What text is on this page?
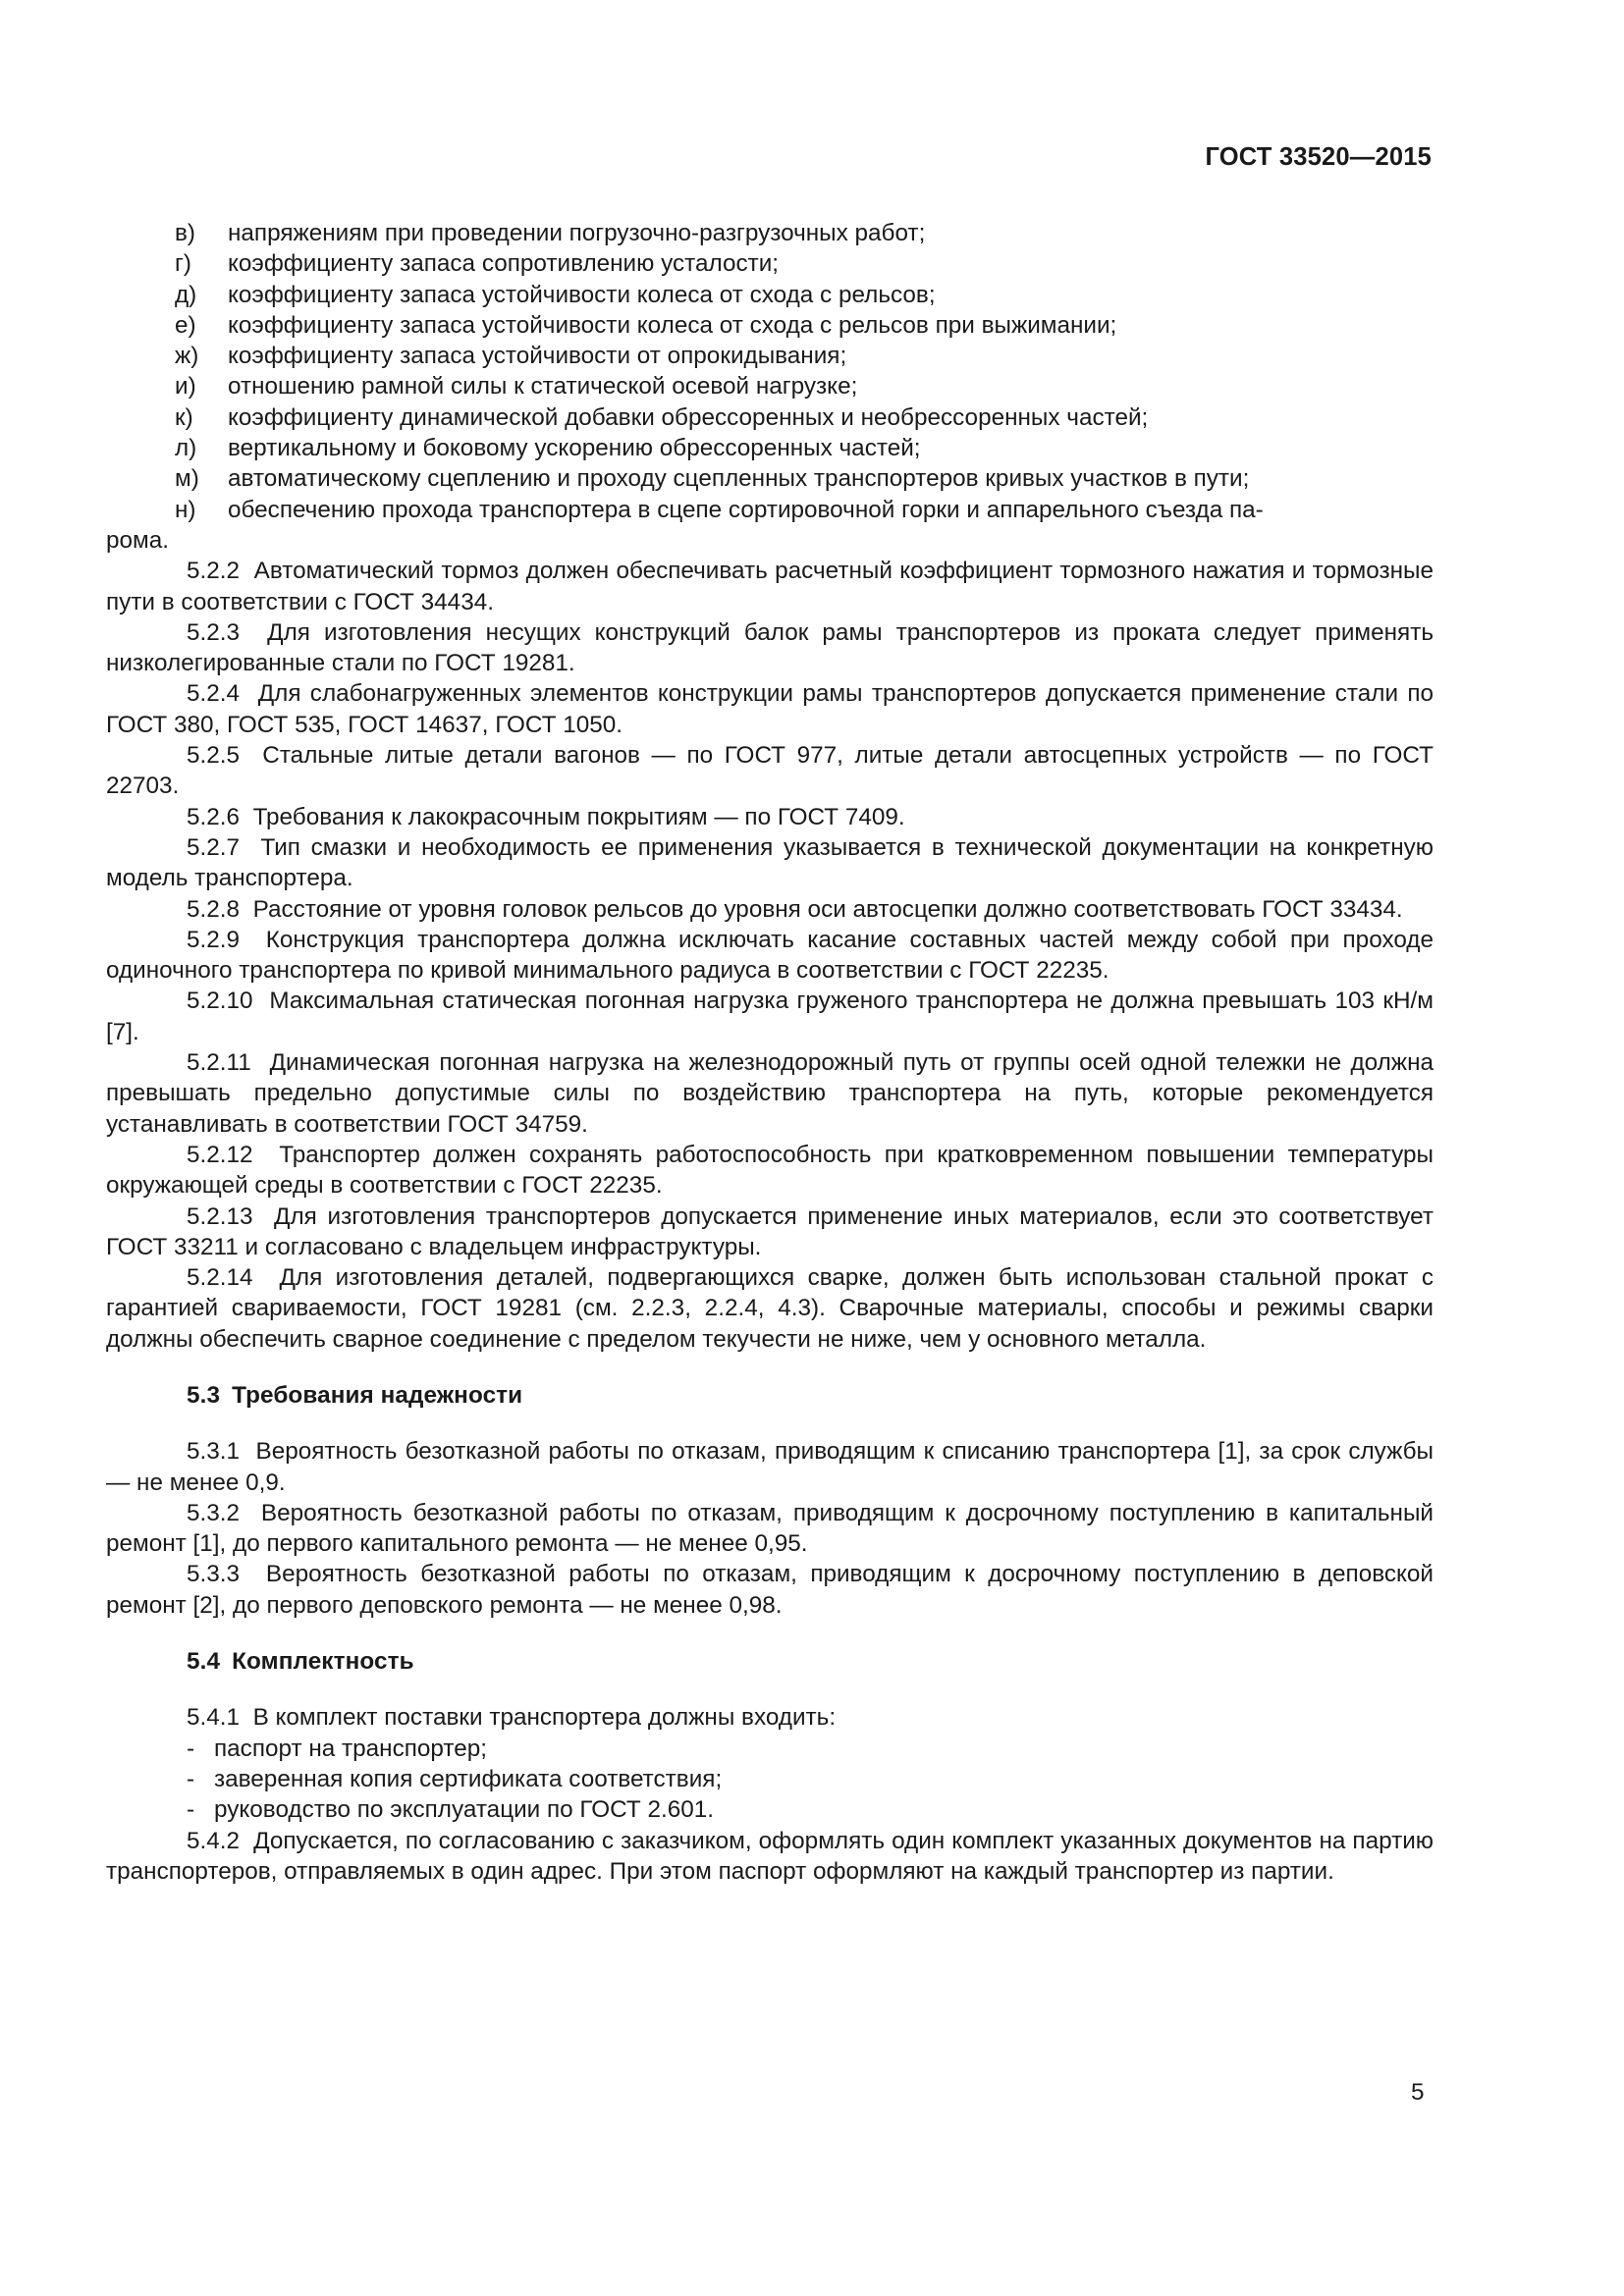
ГОСТ 33520—2015
в)	напряжениям при проведении погрузочно-разгрузочных работ;
г)	коэффициенту запаса сопротивлению усталости;
д)	коэффициенту запаса устойчивости колеса от схода с рельсов;
е)	коэффициенту запаса устойчивости колеса от схода с рельсов при выжимании;
ж)	коэффициенту запаса устойчивости от опрокидывания;
и)	отношению рамной силы к статической осевой нагрузке;
к)	коэффициенту динамической добавки обрессоренных и необрессоренных частей;
л)	вертикальному и боковому ускорению обрессоренных частей;
м)	автоматическому сцеплению и проходу сцепленных транспортеров кривых участков в пути;
н)	обеспечению прохода транспортера в сцепе сортировочной горки и аппарельного съезда па-

рома.

5.2.2 Автоматический тормоз должен обеспечивать расчетный коэффициент тормозного нажатия и тормозные пути в соответствии с ГОСТ 34434.

5.2.3 Для изготовления несущих конструкций балок рамы транспортеров из проката следует применять низколегированные стали по ГОСТ 19281.

5.2.4 Для слабонагруженных элементов конструкции рамы транспортеров допускается применение стали по ГОСТ 380, ГОСТ 535, ГОСТ 14637, ГОСТ 1050.

5.2.5 Стальные литые детали вагонов — по ГОСТ 977, литые детали автосцепных устройств — по ГОСТ 22703.

5.2.6 Требования к лакокрасочным покрытиям — по ГОСТ 7409.

5.2.7 Тип смазки и необходимость ее применения указывается в технической документации на конкретную модель транспортера.

5.2.8 Расстояние от уровня головок рельсов до уровня оси автосцепки должно соответствовать ГОСТ 33434.

5.2.9 Конструкция транспортера должна исключать касание составных частей между собой при проходе одиночного транспортера по кривой минимального радиуса в соответствии с ГОСТ 22235.

5.2.10 Максимальная статическая погонная нагрузка груженого транспортера не должна превышать 103 кН/м [7].

5.2.11 Динамическая погонная нагрузка на железнодорожный путь от группы осей одной тележки не должна превышать предельно допустимые силы по воздействию транспортера на путь, которые рекомендуется устанавливать в соответствии ГОСТ 34759.

5.2.12 Транспортер должен сохранять работоспособность при кратковременном повышении температуры окружающей среды в соответствии с ГОСТ 22235.

5.2.13 Для изготовления транспортеров допускается применение иных материалов, если это соответствует ГОСТ 33211 и согласовано с владельцем инфраструктуры.

5.2.14 Для изготовления деталей, подвергающихся сварке, должен быть использован стальной прокат с гарантией свариваемости, ГОСТ 19281 (см. 2.2.3, 2.2.4, 4.3). Сварочные материалы, способы и режимы сварки должны обеспечить сварное соединение с пределом текучести не ниже, чем у основного металла.

5.3 Требования надежности

5.3.1 Вероятность безотказной работы по отказам, приводящим к списанию транспортера [1], за срок службы — не менее 0,9.

5.3.2 Вероятность безотказной работы по отказам, приводящим к досрочному поступлению в капитальный ремонт [1], до первого капитального ремонта — не менее 0,95.

5.3.3 Вероятность безотказной работы по отказам, приводящим к досрочному поступлению в деповской ремонт [2], до первого деповского ремонта — не менее 0,98.

5.4 Комплектность

5.4.1 В комплект поставки транспортера должны входить:

- паспорт на транспортер;
- заверенная копия сертификата соответствия;
- руководство по эксплуатации по ГОСТ 2.601.

5.4.2 Допускается, по согласованию с заказчиком, оформлять один комплект указанных документов на партию транспортеров, отправляемых в один адрес. При этом паспорт оформляют на каждый транспортер из партии.

5
